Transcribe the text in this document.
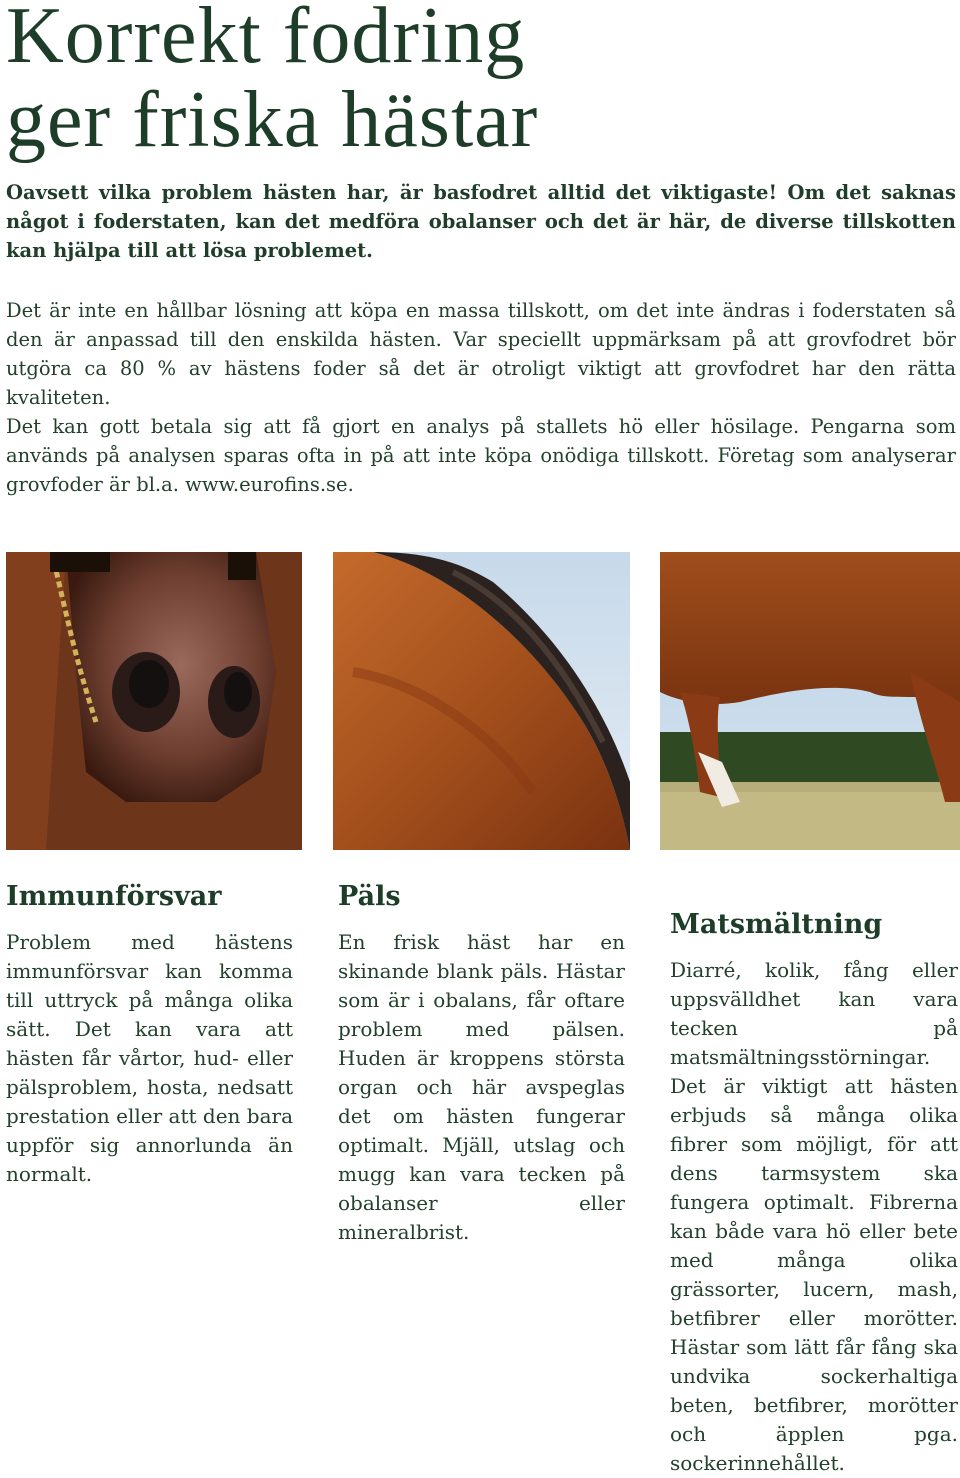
Korrekt fodring
ger friska hästar

Oavsett vilka problem hästen har, är basfodret alltid det viktigaste! Om det saknas något i foderstaten, kan det medföra obalanser och det är här, de diverse tillskotten kan hjälpa till att lösa problemet.

Det är inte en hållbar lösning att köpa en massa tillskott, om det inte ändras i foderstaten så den är anpassad till den enskilda hästen. Var speciellt uppmärksam på att grovfodret bör utgöra ca 80 % av hästens foder så det är otroligt viktigt att grovfodret har den rätta kvaliteten.

Det kan gott betala sig att få gjort en analys på stallets hö eller hösilage. Pengarna som används på analysen sparas ofta in på att inte köpa onödiga tillskott. Företag som analyserar grovfoder är bl.a. www.eurofins.se.

Immunförsvar

Problem med hästens immunförsvar kan komma till uttryck på många olika sätt. Det kan vara att hästen får vårtor, hud- eller pälsproblem, hosta, nedsatt prestation eller att den bara uppför sig annorlunda än normalt.

Päls

En frisk häst har en skinande blank päls. Hästar som är i obalans, får oftare problem med pälsen. Huden är kroppens största organ och här avspeglas det om hästen fungerar optimalt. Mjäll, utslag och mugg kan vara tecken på obalanser eller mineralbrist.

Matsmältning

Diarré, kolik, fång eller uppsvälldhet kan vara tecken på matsmältningsstörningar. Det är viktigt att hästen erbjuds så många olika fibrer som möjligt, för att dens tarmsystem ska fungera optimalt. Fibrerna kan både vara hö eller bete med många olika grässorter, lucern, mash, betfibrer eller morötter. Hästar som lätt får fång ska undvika sockerhaltiga beten, betfibrer, morötter och äpplen pga. sockerinnehållet.
